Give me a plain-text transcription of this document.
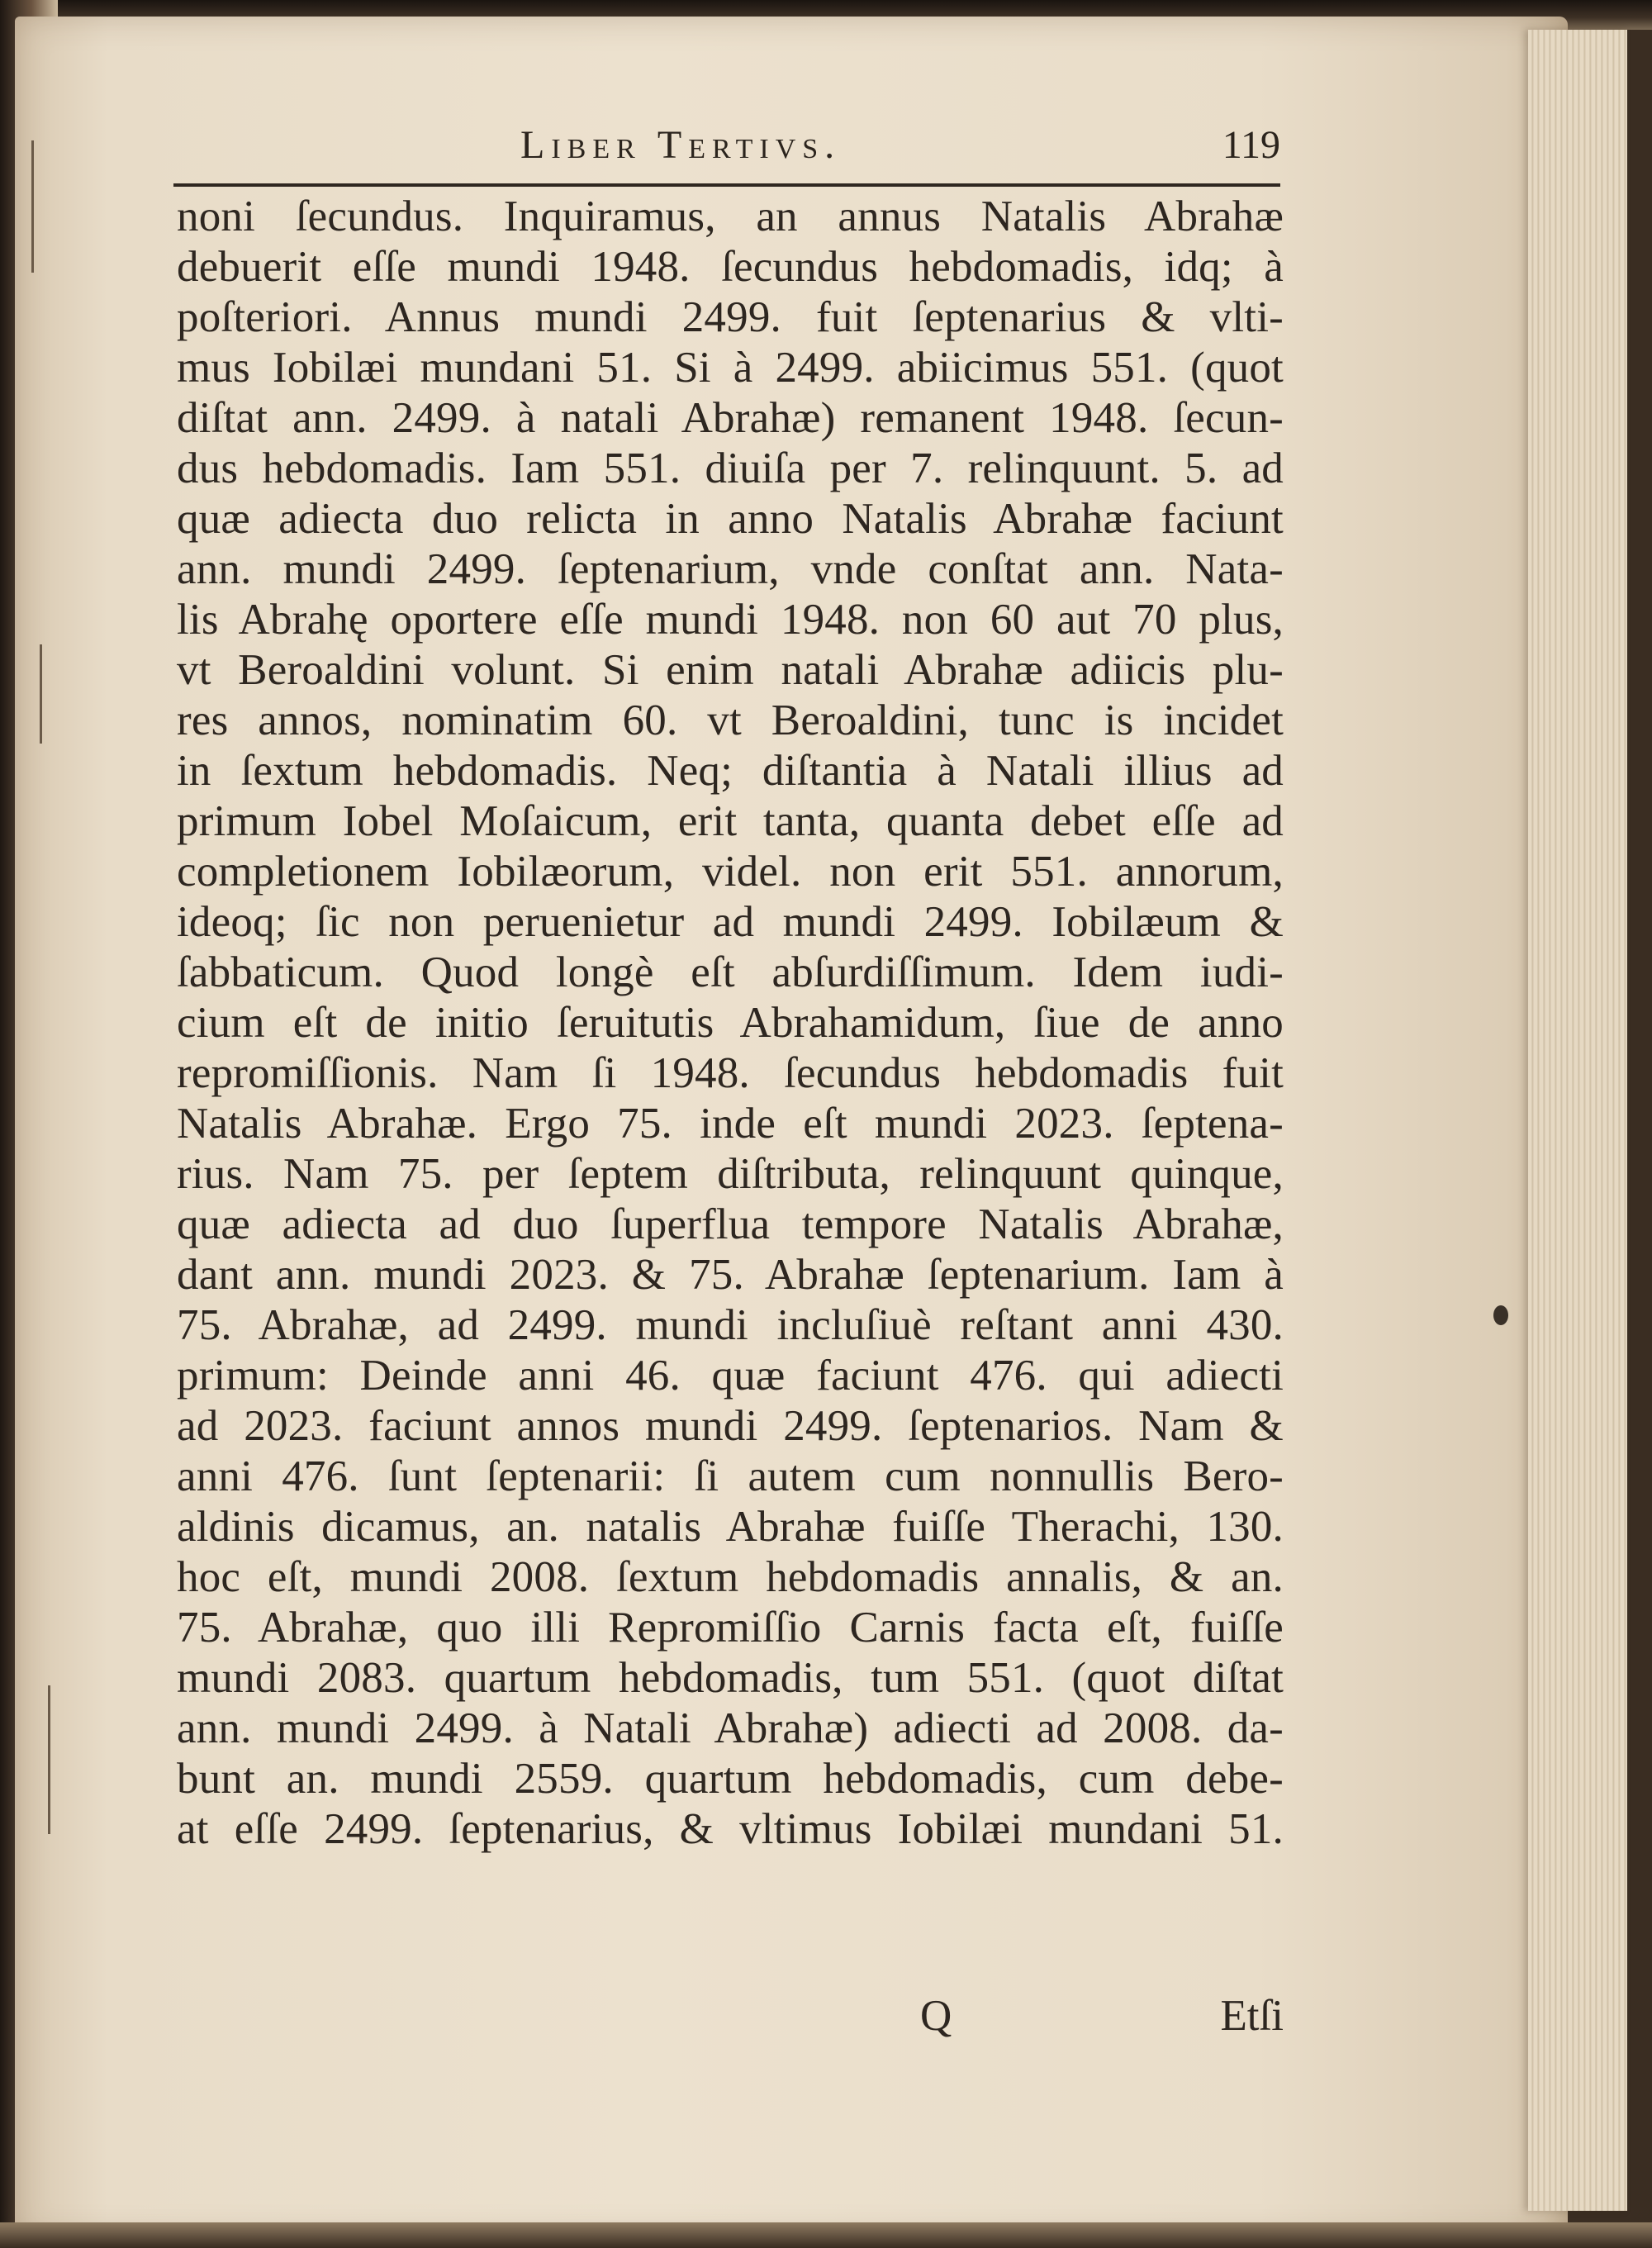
Liber Tertivs.	119
noni ſecundus. Inquiramus, an annus Natalis Abrahæ
debuerit eſſe mundi 1948. ſecundus hebdomadis, idq; à
poſteriori. Annus mundi 2499. fuit ſeptenarius & vlti-
mus Iobilæi mundani 51. Si à 2499. abiicimus 551. (quot
diſtat ann. 2499. à natali Abrahæ) remanent 1948. ſecun-
dus hebdomadis. Iam 551. diuiſa per 7. relinquunt. 5. ad
quæ adiecta duo relicta in anno Natalis Abrahæ faciunt
ann. mundi 2499. ſeptenarium, vnde conſtat ann. Nata-
lis Abrahę oportere eſſe mundi 1948. non 60 aut 70 plus,
vt Beroaldini volunt. Si enim natali Abrahæ adiicis plu-
res annos, nominatim 60. vt Beroaldini, tunc is incidet
in ſextum hebdomadis. Neq; diſtantia à Natali illius ad
primum Iobel Moſaicum, erit tanta, quanta debet eſſe ad
completionem Iobilæorum, videl. non erit 551. annorum,
ideoq; ſic non peruenietur ad mundi 2499. Iobilæum &
ſabbaticum. Quod longè eſt abſurdiſſimum. Idem iudi-
cium eſt de initio ſeruitutis Abrahamidum, ſiue de anno
repromiſſionis. Nam ſi 1948. ſecundus hebdomadis fuit
Natalis Abrahæ. Ergo 75. inde eſt mundi 2023. ſeptena-
rius. Nam 75. per ſeptem diſtributa, relinquunt quinque,
quæ adiecta ad duo ſuperflua tempore Natalis Abrahæ,
dant ann. mundi 2023. & 75. Abrahæ ſeptenarium. Iam à
75. Abrahæ, ad 2499. mundi incluſiuè reſtant anni 430.
primum: Deinde anni 46. quæ faciunt 476. qui adiecti
ad 2023. faciunt annos mundi 2499. ſeptenarios. Nam &
anni 476. ſunt ſeptenarii: ſi autem cum nonnullis Bero-
aldinis dicamus, an. natalis Abrahæ fuiſſe Therachi, 130.
hoc eſt, mundi 2008. ſextum hebdomadis annalis, & an.
75. Abrahæ, quo illi Repromiſſio Carnis facta eſt, fuiſſe
mundi 2083. quartum hebdomadis, tum 551. (quot diſtat
ann. mundi 2499. à Natali Abrahæ) adiecti ad 2008. da-
bunt an. mundi 2559. quartum hebdomadis, cum debe-
at eſſe 2499. ſeptenarius, & vltimus Iobilæi mundani 51.
Q	Etſi
